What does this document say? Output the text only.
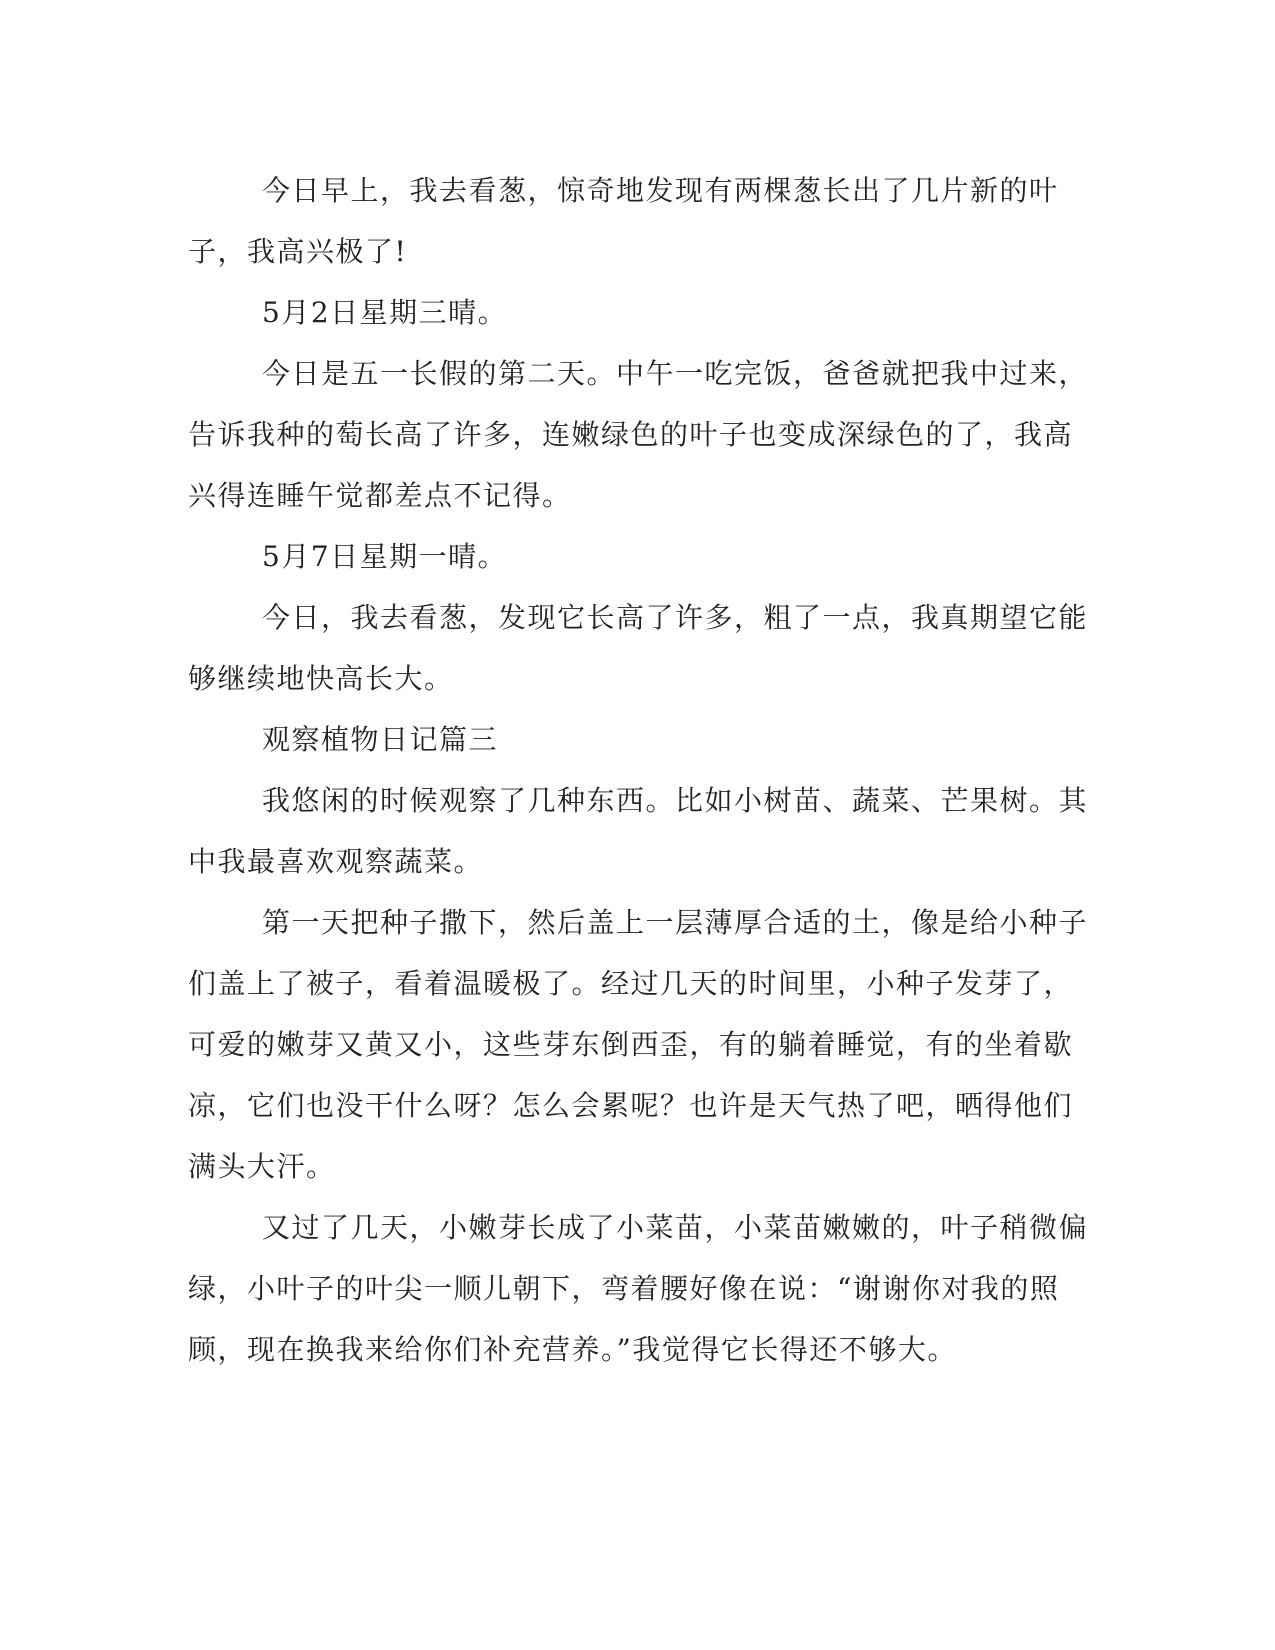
今日早上，我去看葱，惊奇地发现有两棵葱长出了几片新的叶子，我高兴极了!

5月2日星期三晴。

今日是五一长假的第二天。中午一吃完饭，爸爸就把我中过来，告诉我种的萄长高了许多，连嫩绿色的叶子也变成深绿色的了，我高兴得连睡午觉都差点不记得。

5月7日星期一晴。

今日，我去看葱，发现它长高了许多，粗了一点，我真期望它能够继续地快高长大。

观察植物日记篇三

我悠闲的时候观察了几种东西。比如小树苗、蔬菜、芒果树。其中我最喜欢观察蔬菜。

第一天把种子撒下，然后盖上一层薄厚合适的土，像是给小种子们盖上了被子，看着温暖极了。经过几天的时间里，小种子发芽了，可爱的嫩芽又黄又小，这些芽东倒西歪，有的躺着睡觉，有的坐着歇凉，它们也没干什么呀？怎么会累呢？也许是天气热了吧，晒得他们满头大汗。

又过了几天，小嫩芽长成了小菜苗，小菜苗嫩嫩的，叶子稍微偏绿，小叶子的叶尖一顺儿朝下，弯着腰好像在说：“谢谢你对我的照顾，现在换我来给你们补充营养。”我觉得它长得还不够大。
